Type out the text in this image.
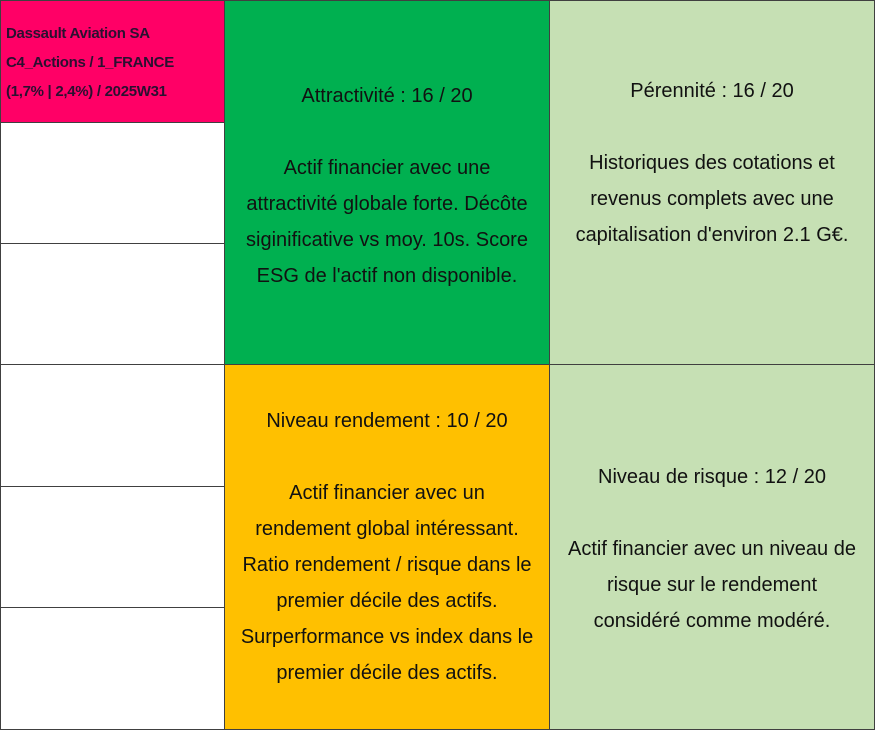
Dassault Aviation SA
C4_Actions / 1_FRANCE
(1,7% | 2,4%) / 2025W31	Attractivité : 16 / 20
Actif financier avec une
attractivité globale forte. Décôte
siginificative vs moy. 10s. Score
ESG de l'actif non disponible.
Pérennité : 16 / 20
Historiques des cotations et
revenus complets avec une
capitalisation d'environ 2.1 G€.
Niveau rendement : 10 / 20
Actif financier avec un
rendement global intéressant.
Ratio rendement / risque dans le
premier décile des actifs.
Surperformance vs index dans le
premier décile des actifs.
Niveau de risque : 12 / 20
Actif financier avec un niveau de
risque sur le rendement
considéré comme modéré.
